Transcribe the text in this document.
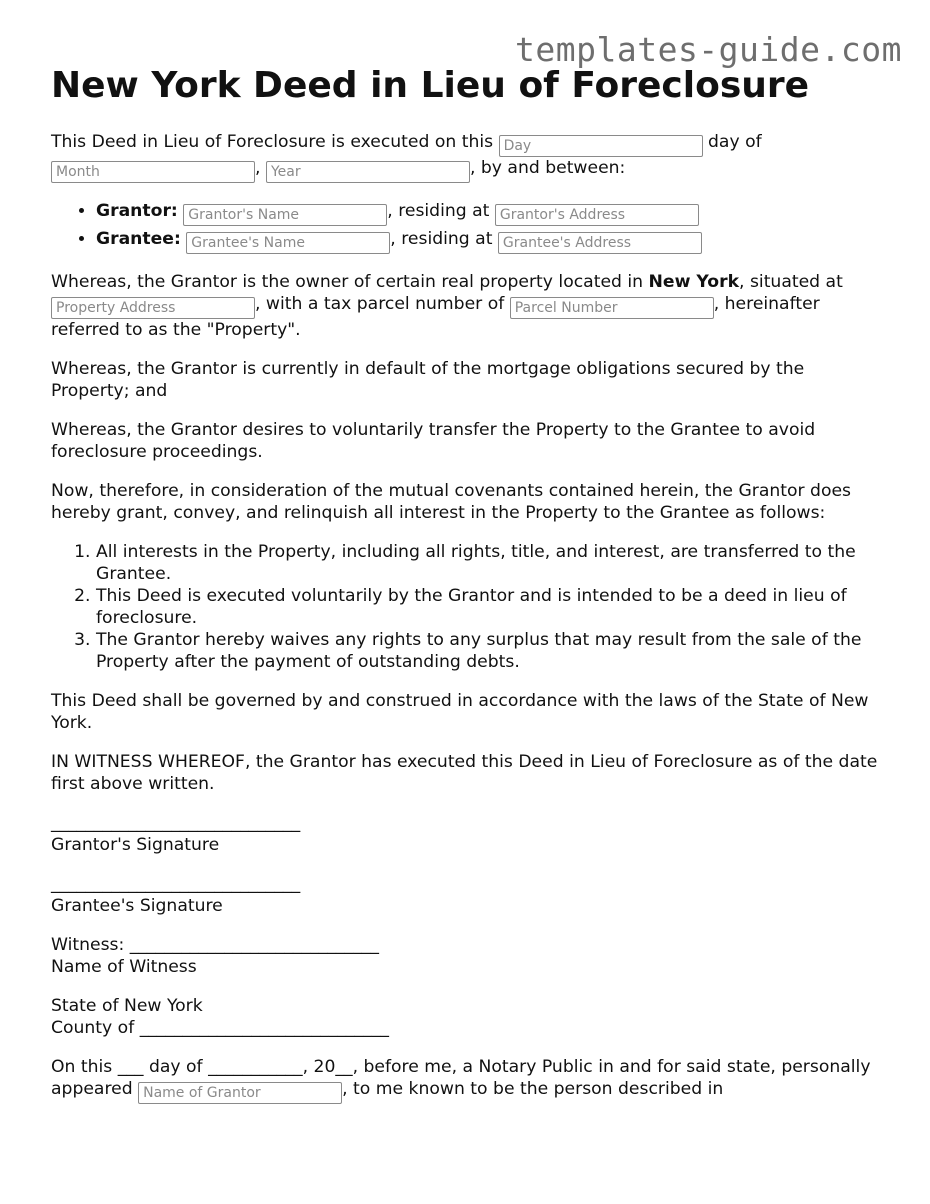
templates-guide.com
New York Deed in Lieu of Foreclosure

This Deed in Lieu of Foreclosure is executed on this Day	day of
Month, Year	, by and between:

• Grantor: Grantor's Name	, residing at Grantor's Address
• Grantee: Grantee's Name	, residing at Grantee's Address

Whereas, the Grantor is the owner of certain real property located in New York, situated at Property Address, with a tax parcel number of Parcel Number	, hereinafter referred to as the "Property".

Whereas, the Grantor is currently in default of the mortgage obligations secured by the Property; and

Whereas, the Grantor desires to voluntarily transfer the Property to the Grantee to avoid foreclosure proceedings.

Now, therefore, in consideration of the mutual covenants contained herein, the Grantor does hereby grant, convey, and relinquish all interest in the Property to the Grantee as follows:

1. All interests in the Property, including all rights, title, and interest, are transferred to the Grantee.
2. This Deed is executed voluntarily by the Grantor and is intended to be a deed in lieu of foreclosure.
3. The Grantor hereby waives any rights to any surplus that may result from the sale of the Property after the payment of outstanding debts.

This Deed shall be governed by and construed in accordance with the laws of the State of New York.

IN WITNESS WHEREOF, the Grantor has executed this Deed in Lieu of Foreclosure as of the date first above written.

_____________________________
Grantor's Signature
_____________________________
Grantee's Signature
Witness: _____________________________
Name of Witness
State of New York
County of _____________________________

On this ___ day of ___________, 20__, before me, a Notary Public in and for said state, personally appeared Name of Grantor	, to me known to be the person described in
